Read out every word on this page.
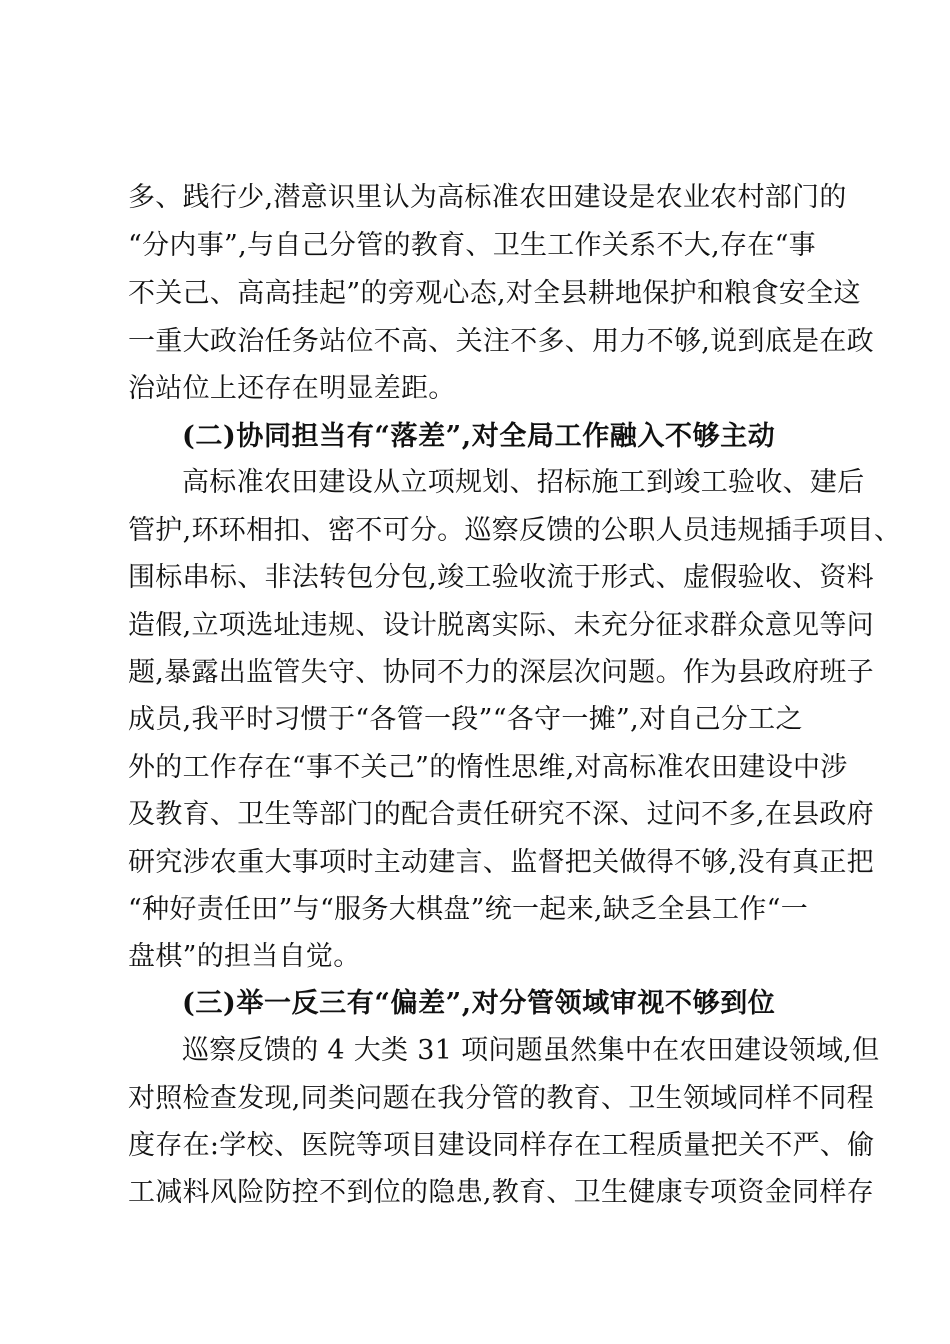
多、践行少,潜意识里认为高标准农田建设是农业农村部门的
“分内事”,与自己分管的教育、卫生工作关系不大,存在“事
不关己、高高挂起”的旁观心态,对全县耕地保护和粮食安全这
一重大政治任务站位不高、关注不多、用力不够,说到底是在政
治站位上还存在明显差距。
(二)协同担当有“落差”,对全局工作融入不够主动
高标准农田建设从立项规划、招标施工到竣工验收、建后
管护,环环相扣、密不可分。巡察反馈的公职人员违规插手项目、
围标串标、非法转包分包,竣工验收流于形式、虚假验收、资料
造假,立项选址违规、设计脱离实际、未充分征求群众意见等问
题,暴露出监管失守、协同不力的深层次问题。作为县政府班子
成员,我平时习惯于“各管一段”“各守一摊”,对自己分工之
外的工作存在“事不关己”的惰性思维,对高标准农田建设中涉
及教育、卫生等部门的配合责任研究不深、过问不多,在县政府
研究涉农重大事项时主动建言、监督把关做得不够,没有真正把
“种好责任田”与“服务大棋盘”统一起来,缺乏全县工作“一
盘棋”的担当自觉。
(三)举一反三有“偏差”,对分管领域审视不够到位
巡察反馈的 4 大类 31 项问题虽然集中在农田建设领域,但
对照检查发现,同类问题在我分管的教育、卫生领域同样不同程
度存在:学校、医院等项目建设同样存在工程质量把关不严、偷
工减料风险防控不到位的隐患,教育、卫生健康专项资金同样存
